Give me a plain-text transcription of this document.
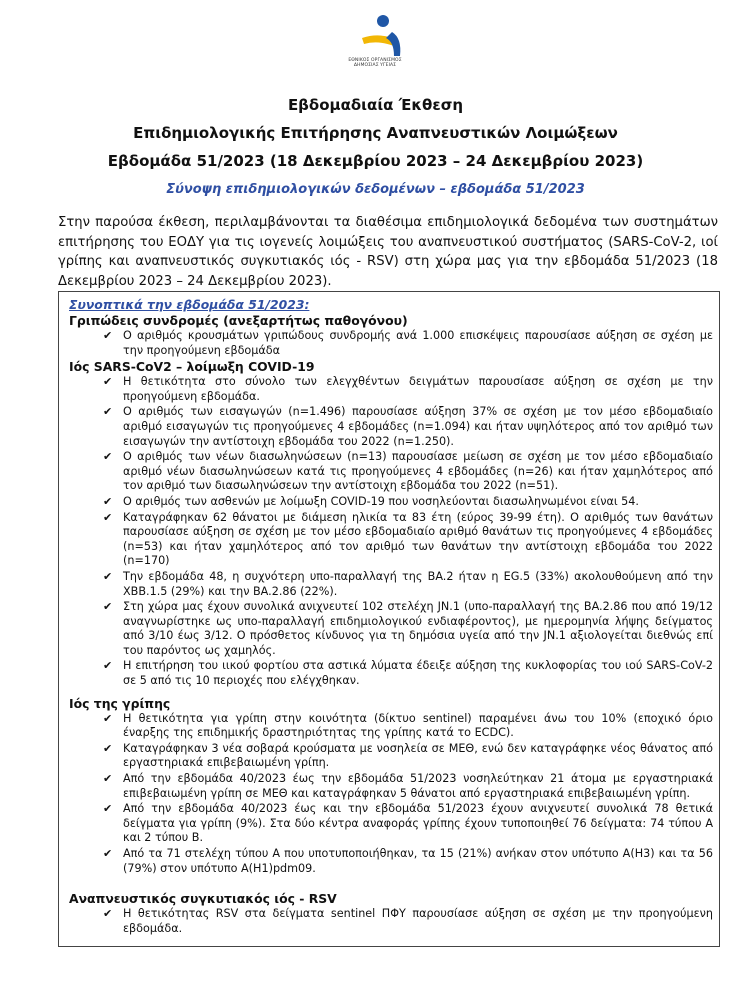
ΕΘΝΙΚΟΣ ΟΡΓΑΝΙΣΜΟΣ
ΔΗΜΟΣΙΑΣ ΥΓΕΙΑΣ
Εβδομαδιαία Έκθεση
Επιδημιολογικής Επιτήρησης Αναπνευστικών Λοιμώξεων
Εβδομάδα 51/2023 (18 Δεκεμβρίου 2023 – 24 Δεκεμβρίου 2023)
Σύνοψη επιδημιολογικών δεδομένων – εβδομάδα 51/2023
Στην παρούσα έκθεση, περιλαμβάνονται τα διαθέσιμα επιδημιολογικά δεδομένα των συστημάτων επιτήρησης του ΕΟΔΥ για τις ιογενείς λοιμώξεις του αναπνευστικού συστήματος (SARS-CoV-2, ιοί γρίπης και αναπνευστικός συγκυτιακός ιός - RSV) στη χώρα μας για την εβδομάδα 51/2023 (18 Δεκεμβρίου 2023 – 24 Δεκεμβρίου 2023).
Συνοπτικά την εβδομάδα 51/2023:
Γριπώδεις συνδρομές (ανεξαρτήτως παθογόνου)
✔ Ο αριθμός κρουσμάτων γριπώδους συνδρομής ανά 1.000 επισκέψεις παρουσίασε αύξηση σε σχέση με την προηγούμενη εβδομάδα
Ιός SARS-CoV2 – λοίμωξη COVID-19
✔ Η θετικότητα στο σύνολο των ελεγχθέντων δειγμάτων παρουσίασε αύξηση σε σχέση με την προηγούμενη εβδομάδα.
✔ Ο αριθμός των εισαγωγών (n=1.496) παρουσίασε αύξηση 37% σε σχέση με τον μέσο εβδομαδιαίο αριθμό εισαγωγών τις προηγούμενες 4 εβδομάδες (n=1.094) και ήταν υψηλότερος από τον αριθμό των εισαγωγών την αντίστοιχη εβδομάδα του 2022 (n=1.250).
✔ Ο αριθμός των νέων διασωληνώσεων (n=13) παρουσίασε μείωση σε σχέση με τον μέσο εβδομαδιαίο αριθμό νέων διασωληνώσεων κατά τις προηγούμενες 4 εβδομάδες (n=26) και ήταν χαμηλότερος από τον αριθμό των διασωληνώσεων την αντίστοιχη εβδομάδα του 2022 (n=51).
✔ Ο αριθμός των ασθενών με λοίμωξη COVID-19 που νοσηλεύονται διασωληνωμένοι είναι 54.
✔ Καταγράφηκαν 62 θάνατοι με διάμεση ηλικία τα 83 έτη (εύρος 39-99 έτη). Ο αριθμός των θανάτων παρουσίασε αύξηση σε σχέση με τον μέσο εβδομαδιαίο αριθμό θανάτων τις προηγούμενες 4 εβδομάδες (n=53) και ήταν χαμηλότερος από τον αριθμό των θανάτων την αντίστοιχη εβδομάδα του 2022 (n=170)
✔ Την εβδομάδα 48, η συχνότερη υπο-παραλλαγή της BA.2 ήταν η EG.5 (33%) ακολουθούμενη από την XBB.1.5 (29%) και την BA.2.86 (22%).
✔ Στη χώρα μας έχουν συνολικά ανιχνευτεί 102 στελέχη JN.1 (υπο-παραλλαγή της BA.2.86 που από 19/12 αναγνωρίστηκε ως υπο-παραλλαγή επιδημιολογικού ενδιαφέροντος), με ημερομηνία λήψης δείγματος από 3/10 έως 3/12. Ο πρόσθετος κίνδυνος για τη δημόσια υγεία από την JN.1 αξιολογείται διεθνώς επί του παρόντος ως χαμηλός.
✔ Η επιτήρηση του ιικού φορτίου στα αστικά λύματα έδειξε αύξηση της κυκλοφορίας του ιού SARS-CoV-2 σε 5 από τις 10 περιοχές που ελέγχθηκαν.
Ιός της γρίπης
✔ Η θετικότητα για γρίπη στην κοινότητα (δίκτυο sentinel) παραμένει άνω του 10% (εποχικό όριο έναρξης της επιδημικής δραστηριότητας της γρίπης κατά το ECDC).
✔ Καταγράφηκαν 3 νέα σοβαρά κρούσματα με νοσηλεία σε ΜΕΘ, ενώ δεν καταγράφηκε νέος θάνατος από εργαστηριακά επιβεβαιωμένη γρίπη.
✔ Από την εβδομάδα 40/2023 έως την εβδομάδα 51/2023 νοσηλεύτηκαν 21 άτομα με εργαστηριακά επιβεβαιωμένη γρίπη σε ΜΕΘ και καταγράφηκαν 5 θάνατοι από εργαστηριακά επιβεβαιωμένη γρίπη.
✔ Από την εβδομάδα 40/2023 έως και την εβδομάδα 51/2023 έχουν ανιχνευτεί συνολικά 78 θετικά δείγματα για γρίπη (9%). Στα δύο κέντρα αναφοράς γρίπης έχουν τυποποιηθεί 76 δείγματα: 74 τύπου Α και 2 τύπου Β.
✔ Από τα 71 στελέχη τύπου Α που υποτυποποιήθηκαν, τα 15 (21%) ανήκαν στον υπότυπο Α(Η3) και τα 56 (79%) στον υπότυπο Α(Η1)pdm09.
Αναπνευστικός συγκυτιακός ιός - RSV
✔ Η θετικότητας RSV στα δείγματα sentinel ΠΦΥ παρουσίασε αύξηση σε σχέση με την προηγούμενη εβδομάδα.
